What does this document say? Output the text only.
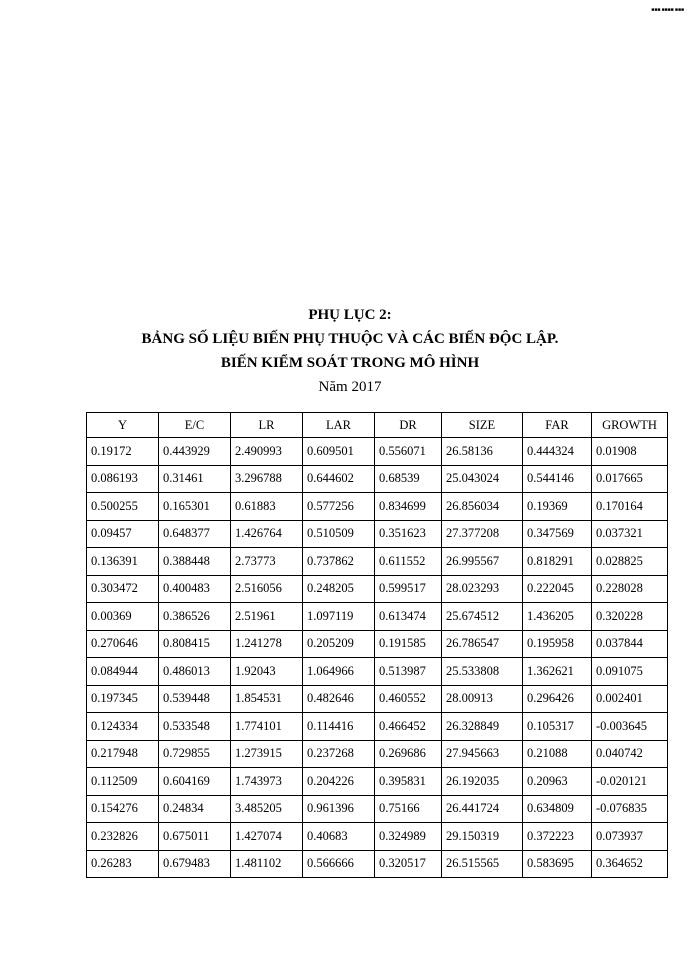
■■■ ■■■■ ■■■
PHỤ LỤC 2:
BẢNG SỐ LIỆU BIẾN PHỤ THUỘC VÀ CÁC BIẾN ĐỘC LẬP.
BIẾN KIỂM SOÁT TRONG MÔ HÌNH
Năm 2017
Y	E/C	LR	LAR	DR	SIZE	FAR	GROWTH
0.19172	0.443929	2.490993	0.609501	0.556071	26.58136	0.444324	0.01908
0.086193	0.31461	3.296788	0.644602	0.68539	25.043024	0.544146	0.017665
0.500255	0.165301	0.61883	0.577256	0.834699	26.856034	0.19369	0.170164
0.09457	0.648377	1.426764	0.510509	0.351623	27.377208	0.347569	0.037321
0.136391	0.388448	2.73773	0.737862	0.611552	26.995567	0.818291	0.028825
0.303472	0.400483	2.516056	0.248205	0.599517	28.023293	0.222045	0.228028
0.00369	0.386526	2.51961	1.097119	0.613474	25.674512	1.436205	0.320228
0.270646	0.808415	1.241278	0.205209	0.191585	26.786547	0.195958	0.037844
0.084944	0.486013	1.92043	1.064966	0.513987	25.533808	1.362621	0.091075
0.197345	0.539448	1.854531	0.482646	0.460552	28.00913	0.296426	0.002401
0.124334	0.533548	1.774101	0.114416	0.466452	26.328849	0.105317	-0.003645
0.217948	0.729855	1.273915	0.237268	0.269686	27.945663	0.21088	0.040742
0.112509	0.604169	1.743973	0.204226	0.395831	26.192035	0.20963	-0.020121
0.154276	0.24834	3.485205	0.961396	0.75166	26.441724	0.634809	-0.076835
0.232826	0.675011	1.427074	0.40683	0.324989	29.150319	0.372223	0.073937
0.26283	0.679483	1.481102	0.566666	0.320517	26.515565	0.583695	0.364652
